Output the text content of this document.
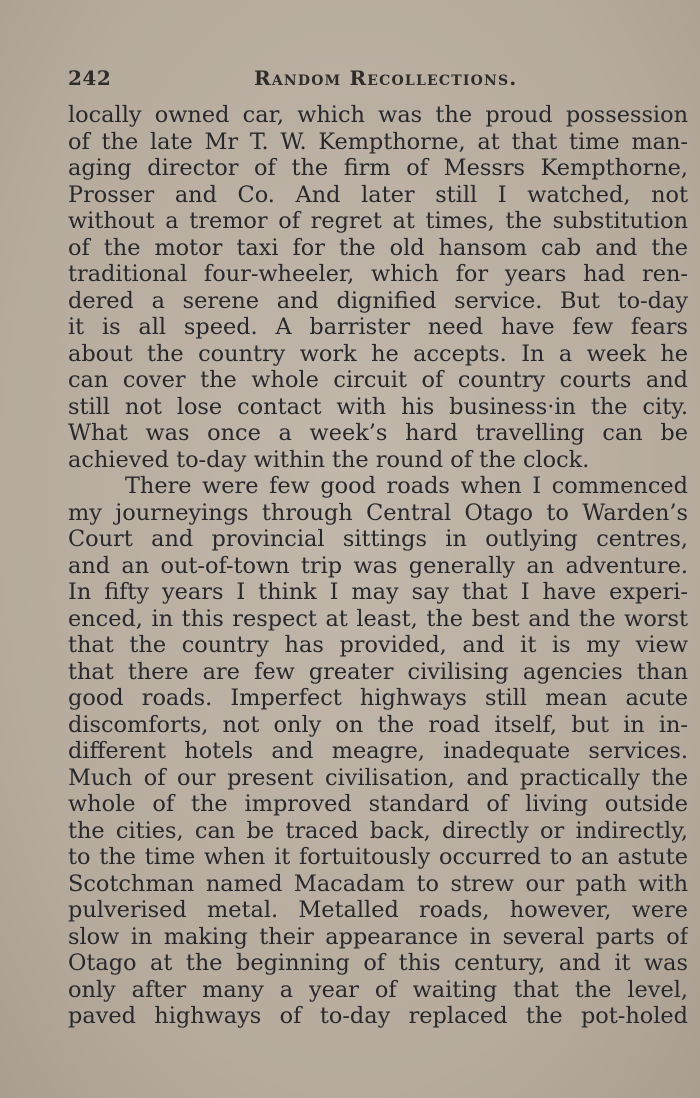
242	Random Recollections.
locally owned car, which was the proud possession
of the late Mr T. W. Kempthorne, at that time man-
aging director of the firm of Messrs Kempthorne,
Prosser and Co. And later still I watched, not
without a tremor of regret at times, the substitution
of the motor taxi for the old hansom cab and the
traditional four-wheeler, which for years had ren-
dered a serene and dignified service. But to-day
it is all speed. A barrister need have few fears
about the country work he accepts. In a week he
can cover the whole circuit of country courts and
still not lose contact with his business·in the city.
What was once a week’s hard travelling can be
achieved to-day within the round of the clock.
There were few good roads when I commenced
my journeyings through Central Otago to Warden’s
Court and provincial sittings in outlying centres,
and an out-of-town trip was generally an adventure.
In fifty years I think I may say that I have experi-
enced, in this respect at least, the best and the worst
that the country has provided, and it is my view
that there are few greater civilising agencies than
good roads. Imperfect highways still mean acute
discomforts, not only on the road itself, but in in-
different hotels and meagre, inadequate services.
Much of our present civilisation, and practically the
whole of the improved standard of living outside
the cities, can be traced back, directly or indirectly,
to the time when it fortuitously occurred to an astute
Scotchman named Macadam to strew our path with
pulverised metal. Metalled roads, however, were
slow in making their appearance in several parts of
Otago at the beginning of this century, and it was
only after many a year of waiting that the level,
paved highways of to-day replaced the pot-holed
